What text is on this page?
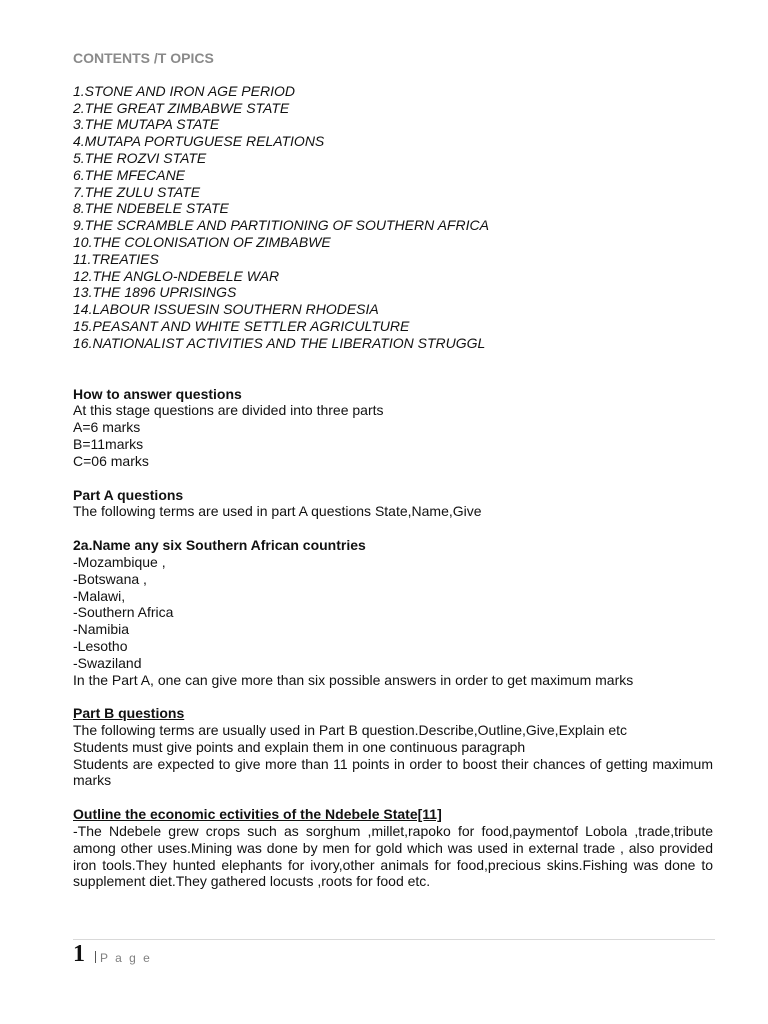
CONTENTS /T OPICS
1.STONE AND IRON AGE PERIOD
2.THE GREAT ZIMBABWE STATE
3.THE MUTAPA STATE
4.MUTAPA PORTUGUESE RELATIONS
5.THE ROZVI STATE
6.THE MFECANE
7.THE ZULU STATE
8.THE NDEBELE STATE
9.THE SCRAMBLE AND PARTITIONING OF SOUTHERN AFRICA
10.THE COLONISATION OF ZIMBABWE
11.TREATIES
12.THE ANGLO-NDEBELE WAR
13.THE 1896 UPRISINGS
14.LABOUR ISSUESIN SOUTHERN RHODESIA
15.PEASANT AND WHITE SETTLER AGRICULTURE
16.NATIONALIST ACTIVITIES AND THE LIBERATION STRUGGL
How to answer questions
At this stage questions are divided into three parts
A=6 marks
B=11marks
C=06 marks
Part A questions
The following terms are used in part A questions State,Name,Give
2a.Name any six Southern African countries
-Mozambique ,
-Botswana ,
-Malawi,
-Southern Africa
-Namibia
-Lesotho
-Swaziland
In the Part A, one can give more than six possible answers in order to get maximum marks
Part B questions
The following terms are usually used in Part B question.Describe,Outline,Give,Explain etc
Students must give points and explain them in one continuous paragraph
Students are expected to give more than 11 points in order to boost their chances of getting maximum marks
Outline the economic ectivities of the Ndebele State[11]
-The Ndebele grew crops such as sorghum ,millet,rapoko for food,paymentof Lobola ,trade,tribute among other uses.Mining was done by men for gold which was used in external trade , also provided iron tools.They hunted elephants for ivory,other animals for food,precious skins.Fishing was done to supplement diet.They gathered locusts ,roots for food etc.
1 P a g e
